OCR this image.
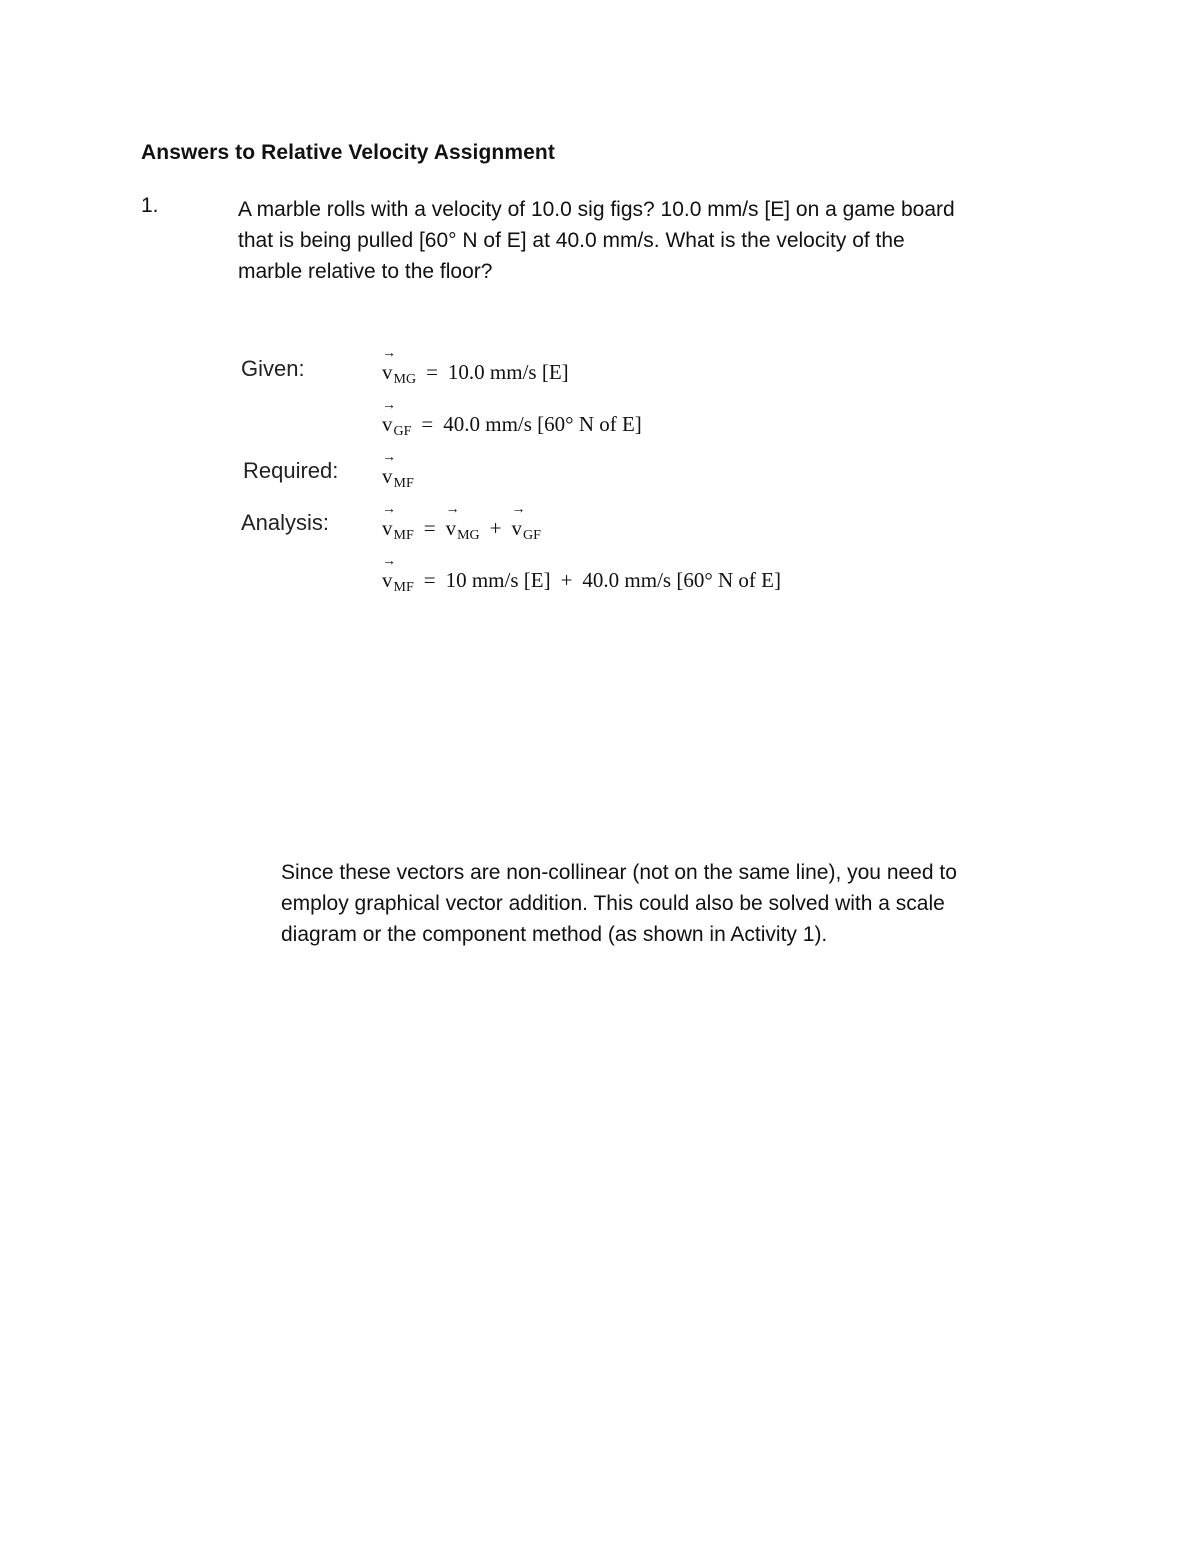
Answers to Relative Velocity Assignment
1.	A marble rolls with a velocity of 10.0 sig figs? 10.0 mm/s [E] on a game board
that is being pulled [60° N of E] at 40.0 mm/s. What is the velocity of the
marble relative to the floor?
Given:
→
$v_{MG} = 10.0$ mm/s [E]
→
$v_{GF} = 40.0$ mm/s [60° N of E]
Required:
→
$v_{MF}$
Analysis:
→
$v_{MF}$ =
→
$v_{MG}$ +
→
$v_{GF}$
→
$v_{MF} = 10$ mm/s [E] + 40.0 mm/s [60° N of E]
Since these vectors are non-collinear (not on the same line), you need to
employ graphical vector addition. This could also be solved with a scale
diagram or the component method (as shown in Activity 1).
